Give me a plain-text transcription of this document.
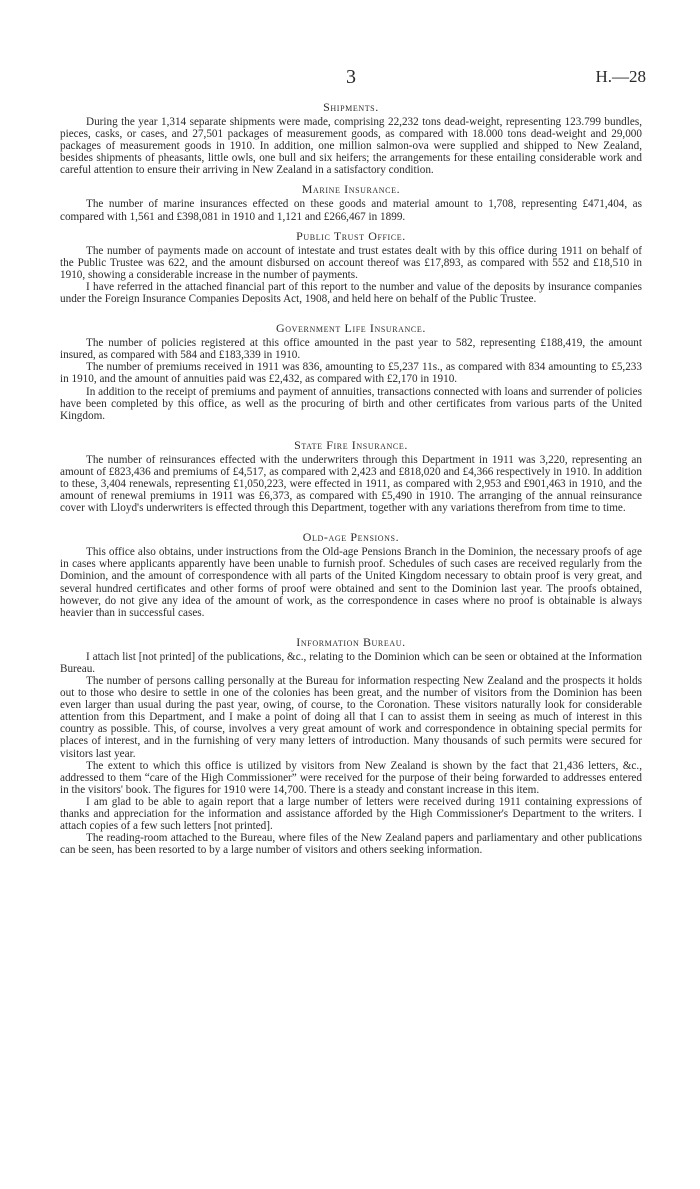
3	H.—28
Shipments.

During the year 1,314 separate shipments were made, comprising 22,232 tons dead-weight, representing 123.799 bundles, pieces, casks, or cases, and 27,501 packages of measurement goods, as compared with 18.000 tons dead-weight and 29,000 packages of measurement goods in 1910. In addition, one million salmon-ova were supplied and shipped to New Zealand, besides shipments of pheasants, little owls, one bull and six heifers; the arrangements for these entailing considerable work and careful attention to ensure their arriving in New Zealand in a satisfactory condition.

Marine Insurance.

The number of marine insurances effected on these goods and material amount to 1,708, representing £471,404, as compared with 1,561 and £398,081 in 1910 and 1,121 and £266,467 in 1899.

Public Trust Office.

The number of payments made on account of intestate and trust estates dealt with by this office during 1911 on behalf of the Public Trustee was 622, and the amount disbursed on account thereof was £17,893, as compared with 552 and £18,510 in 1910, showing a considerable increase in the number of payments.

I have referred in the attached financial part of this report to the number and value of the deposits by insurance companies under the Foreign Insurance Companies Deposits Act, 1908, and held here on behalf of the Public Trustee.

Government Life Insurance.

The number of policies registered at this office amounted in the past year to 582, representing £188,419, the amount insured, as compared with 584 and £183,339 in 1910.

The number of premiums received in 1911 was 836, amounting to £5,237 11s., as compared with 834 amounting to £5,233 in 1910, and the amount of annuities paid was £2,432, as compared with £2,170 in 1910.

In addition to the receipt of premiums and payment of annuities, transactions connected with loans and surrender of policies have been completed by this office, as well as the procuring of birth and other certificates from various parts of the United Kingdom.

State Fire Insurance.

The number of reinsurances effected with the underwriters through this Department in 1911 was 3,220, representing an amount of £823,436 and premiums of £4,517, as compared with 2,423 and £818,020 and £4,366 respectively in 1910. In addition to these, 3,404 renewals, representing £1,050,223, were effected in 1911, as compared with 2,953 and £901,463 in 1910, and the amount of renewal premiums in 1911 was £6,373, as compared with £5,490 in 1910. The arranging of the annual reinsurance cover with Lloyd's underwriters is effected through this Department, together with any variations therefrom from time to time.

Old-age Pensions.

This office also obtains, under instructions from the Old-age Pensions Branch in the Dominion, the necessary proofs of age in cases where applicants apparently have been unable to furnish proof. Schedules of such cases are received regularly from the Dominion, and the amount of correspondence with all parts of the United Kingdom necessary to obtain proof is very great, and several hundred certificates and other forms of proof were obtained and sent to the Dominion last year. The proofs obtained, however, do not give any idea of the amount of work, as the correspondence in cases where no proof is obtainable is always heavier than in successful cases.

Information Bureau.

I attach list [not printed] of the publications, &c., relating to the Dominion which can be seen or obtained at the Information Bureau.

The number of persons calling personally at the Bureau for information respecting New Zealand and the prospects it holds out to those who desire to settle in one of the colonies has been great, and the number of visitors from the Dominion has been even larger than usual during the past year, owing, of course, to the Coronation. These visitors naturally look for considerable attention from this Department, and I make a point of doing all that I can to assist them in seeing as much of interest in this country as possible. This, of course, involves a very great amount of work and correspondence in obtaining special permits for places of interest, and in the furnishing of very many letters of introduction. Many thousands of such permits were secured for visitors last year.

The extent to which this office is utilized by visitors from New Zealand is shown by the fact that 21,436 letters, &c., addressed to them “care of the High Commissioner” were received for the purpose of their being forwarded to addresses entered in the visitors' book. The figures for 1910 were 14,700. There is a steady and constant increase in this item.

I am glad to be able to again report that a large number of letters were received during 1911 containing expressions of thanks and appreciation for the information and assistance afforded by the High Commissioner's Department to the writers. I attach copies of a few such letters [not printed].

The reading-room attached to the Bureau, where files of the New Zealand papers and parliamentary and other publications can be seen, has been resorted to by a large number of visitors and others seeking information.
